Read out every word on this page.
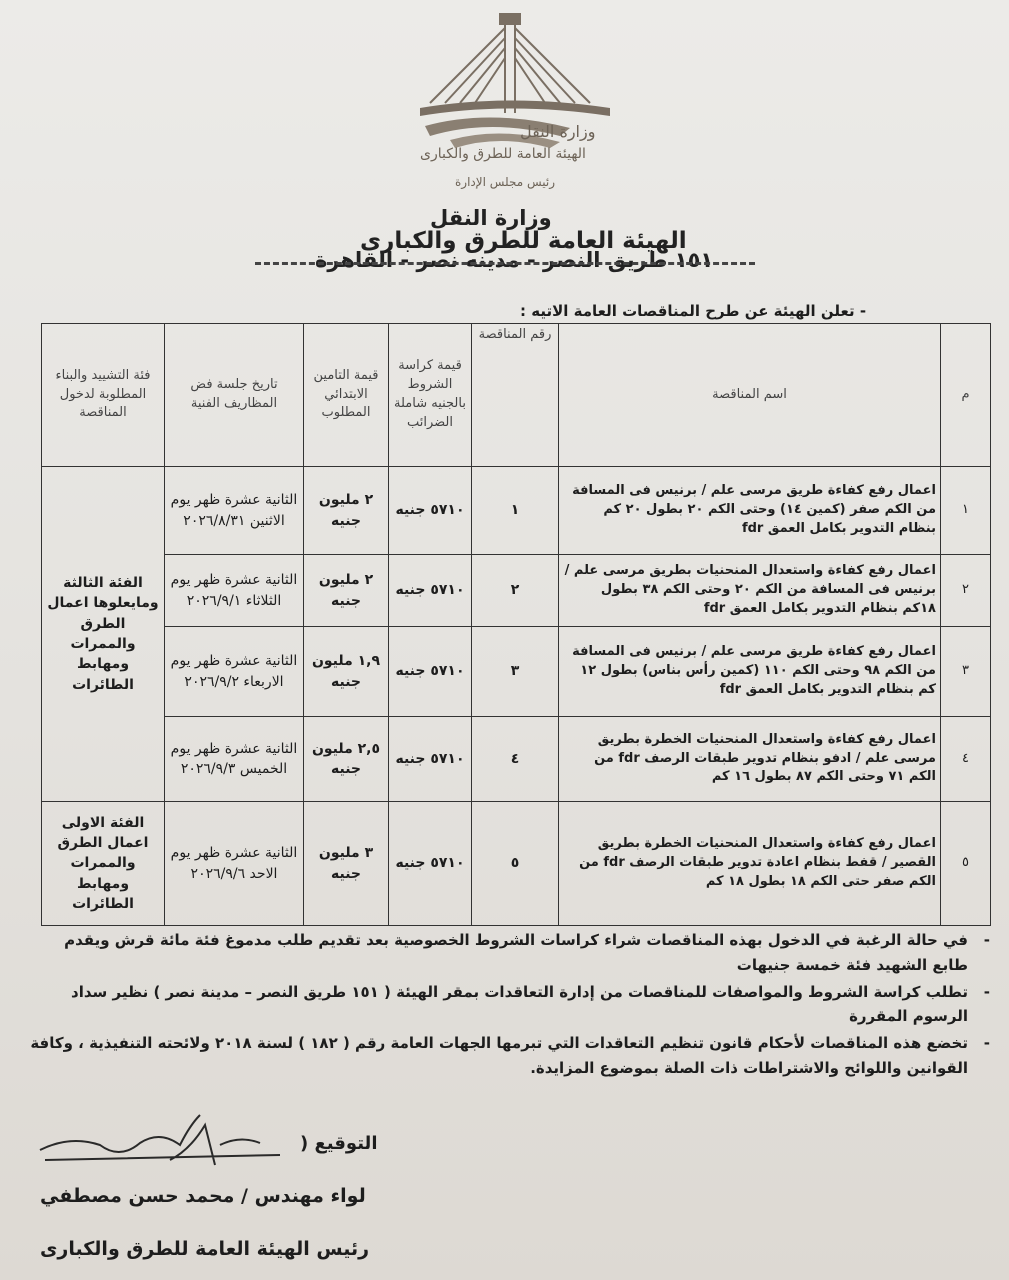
وزارة النقل
الهيئة العامة للطرق والكبارى
رئيس مجلس الإدارة
وزارة النقل
الهيئة العامة للطرق والكبارى
١٥١ طريق النصر - مدينه نصر - القاهرة
- تعلن الهيئة عن طرح المناقصات العامة الاتيه :
م	اسم المناقصة	رقم المناقصة	قيمة كراسة الشروط بالجنيه شاملة الضرائب	قيمة التامين الابتدائي المطلوب	تاريخ جلسة فض المظاريف الفنية	فئة التشييد والبناء المطلوبة لدخول المناقصة
١	اعمال رفع كفاءة طريق مرسى علم / برنيس فى المسافة من الكم صفر (كمين ١٤) وحتى الكم ٢٠ بطول ٢٠ كم بنظام التدوير بكامل العمق fdr	١	٥٧١٠ جنيه	٢ مليون جنيه	الثانية عشرة ظهر يوم الاثنين ٢٠٢٦/٨/٣١	الفئة الثالثة ومايعلوها اعمال الطرق والممرات ومهابط الطائرات
٢	اعمال رفع كفاءة واستعدال المنحنيات بطريق مرسى علم / برنيس فى المسافة من الكم ٢٠ وحتى الكم ٣٨ بطول ١٨كم بنظام التدوير بكامل العمق fdr	٢	٥٧١٠ جنيه	٢ مليون جنيه	الثانية عشرة ظهر يوم الثلاثاء ٢٠٢٦/٩/١	
٣	اعمال رفع كفاءة طريق مرسى علم / برنيس فى المسافة من الكم ٩٨ وحتى الكم ١١٠ (كمين رأس بناس) بطول ١٢ كم بنظام التدوير بكامل العمق fdr	٣	٥٧١٠ جنيه	١,٩ مليون جنيه	الثانية عشرة ظهر يوم الاربعاء ٢٠٢٦/٩/٢	
٤	اعمال رفع كفاءة واستعدال المنحنيات الخطرة بطريق مرسى علم / ادفو بنظام تدوير طبقات الرصف fdr من الكم ٧١ وحتى الكم ٨٧ بطول ١٦ كم	٤	٥٧١٠ جنيه	٢,٥ مليون جنيه	الثانية عشرة ظهر يوم الخميس ٢٠٢٦/٩/٣	
٥	اعمال رفع كفاءة واستعدال المنحنيات الخطرة بطريق القصير / قفط بنظام اعادة تدوير طبقات الرصف fdr من الكم صفر حتى الكم ١٨ بطول ١٨ كم	٥	٥٧١٠ جنيه	٣ مليون جنيه	الثانية عشرة ظهر يوم الاحد ٢٠٢٦/٩/٦	الفئة الاولى اعمال الطرق والممرات ومهابط الطائرات
-
في حالة الرغبة في الدخول بهذه المناقصات شراء كراسات الشروط الخصوصية بعد تقديم طلب مدموغ فئة مائة قرش ويقدم طابع الشهيد فئة خمسة جنيهات
-
تطلب كراسة الشروط والمواصفات للمناقصات من إدارة التعاقدات بمقر الهيئة ( ١٥١ طريق النصر – مدينة نصر ) نظير سداد الرسوم المقررة
-
تخضع هذه المناقصات لأحكام قانون تنظيم التعاقدات التي تبرمها الجهات العامة رقم ( ١٨٢ ) لسنة ٢٠١٨ ولائحته التنفيذية ، وكافة القوانين واللوائح والاشتراطات ذات الصلة بموضوع المزايدة.
التوقيع (
لواء مهندس / محمد حسن مصطفي
رئيس الهيئة العامة للطرق والكبارى
